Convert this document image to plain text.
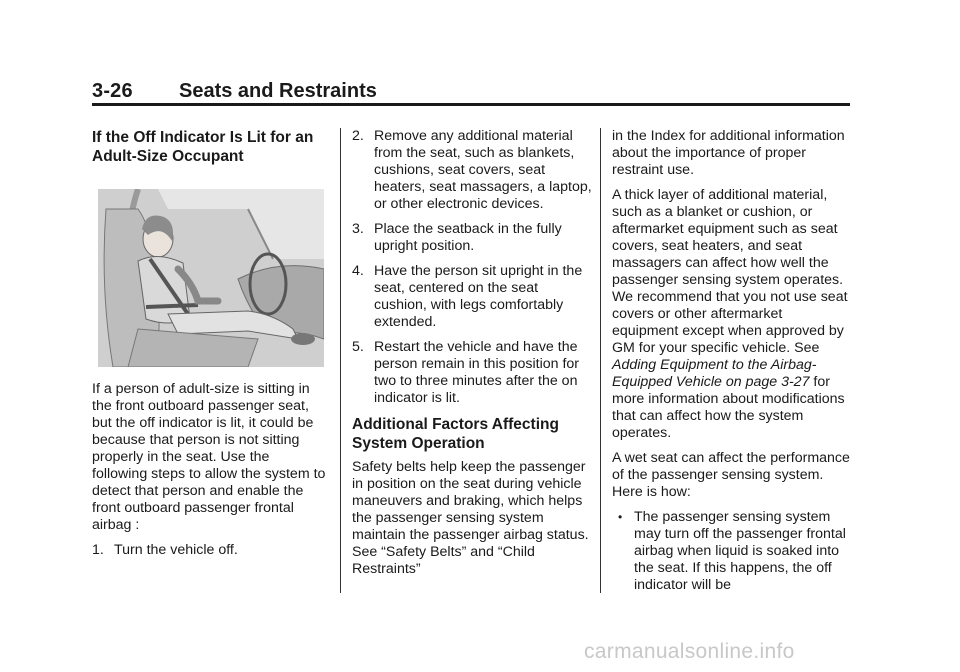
3-26 Seats and Restraints
If the Off Indicator Is Lit for an Adult-Size Occupant

If a person of adult-size is sitting in the front outboard passenger seat, but the off indicator is lit, it could be because that person is not sitting properly in the seat. Use the following steps to allow the system to detect that person and enable the front outboard passenger frontal airbag :

1. Turn the vehicle off.
2. Remove any additional material from the seat, such as blankets, cushions, seat covers, seat heaters, seat massagers, a laptop, or other electronic devices.
3. Place the seatback in the fully upright position.
4. Have the person sit upright in the seat, centered on the seat cushion, with legs comfortably extended.
5. Restart the vehicle and have the person remain in this position for two to three minutes after the on indicator is lit.
Additional Factors Affecting System Operation

Safety belts help keep the passenger in position on the seat during vehicle maneuvers and braking, which helps the passenger sensing system maintain the passenger airbag status. See “Safety Belts” and “Child Restraints”

in the Index for additional information about the importance of proper restraint use.

A thick layer of additional material, such as a blanket or cushion, or aftermarket equipment such as seat covers, seat heaters, and seat massagers can affect how well the passenger sensing system operates. We recommend that you not use seat covers or other aftermarket equipment except when approved by GM for your specific vehicle. See Adding Equipment to the Airbag-Equipped Vehicle on page 3-27 for more information about modifications that can affect how the system operates.

A wet seat can affect the performance of the passenger sensing system. Here is how:

• The passenger sensing system may turn off the passenger frontal airbag when liquid is soaked into the seat. If this happens, the off indicator will be
carmanualsonline.info
